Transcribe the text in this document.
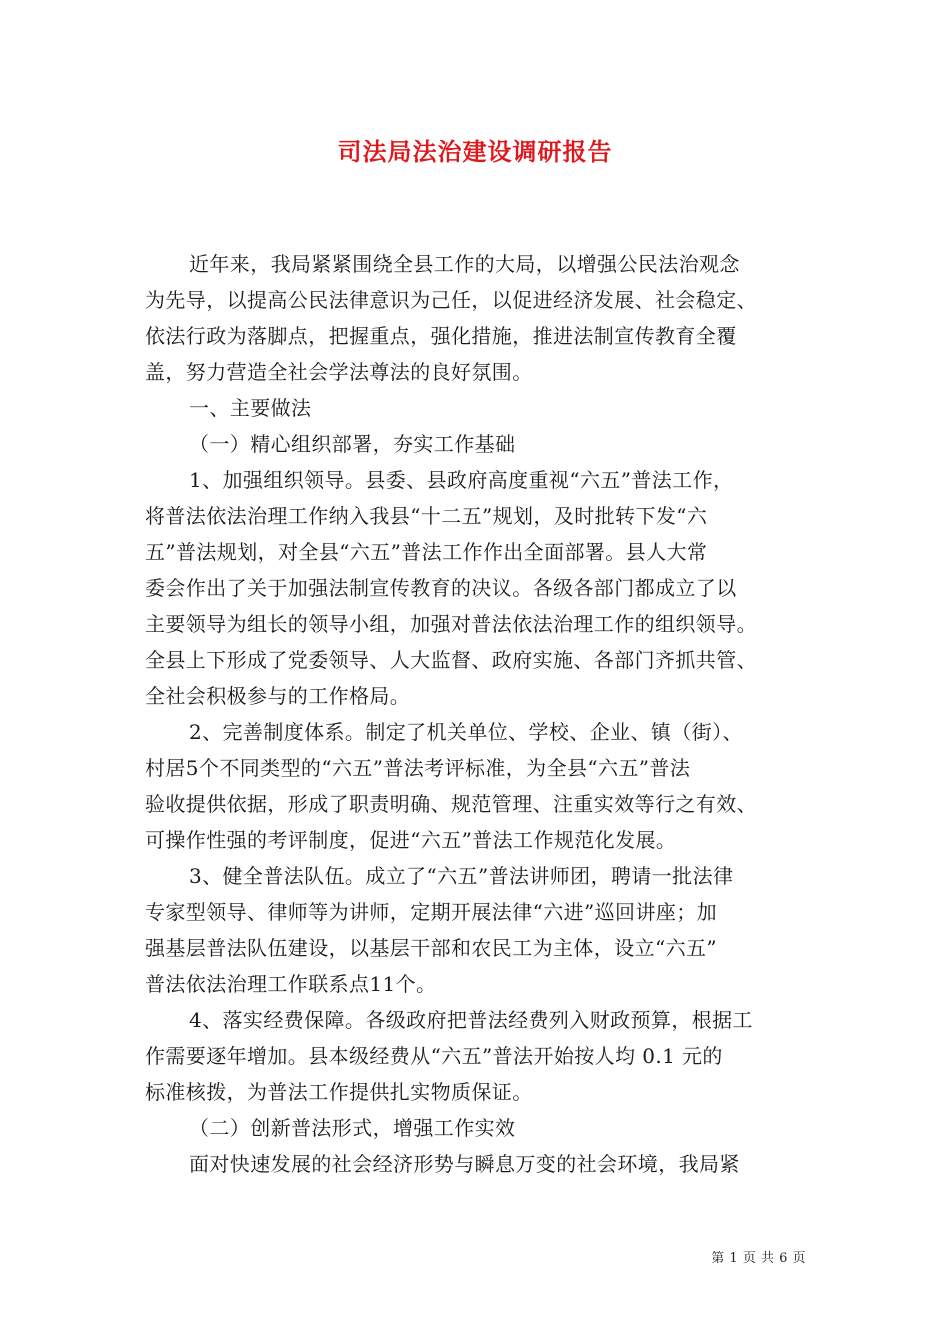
司法局法治建设调研报告
近年来，我局紧紧围绕全县工作的大局，以增强公民法治观念
为先导，以提高公民法律意识为己任，以促进经济发展、社会稳定、
依法行政为落脚点，把握重点，强化措施，推进法制宣传教育全覆
盖，努力营造全社会学法尊法的良好氛围。
一、主要做法
（一）精心组织部署，夯实工作基础
1、加强组织领导。县委、县政府高度重视“六五”普法工作，
将普法依法治理工作纳入我县“十二五”规划，及时批转下发“六
五”普法规划，对全县“六五”普法工作作出全面部署。县人大常
委会作出了关于加强法制宣传教育的决议。各级各部门都成立了以
主要领导为组长的领导小组，加强对普法依法治理工作的组织领导。
全县上下形成了党委领导、人大监督、政府实施、各部门齐抓共管、
全社会积极参与的工作格局。
2、完善制度体系。制定了机关单位、学校、企业、镇（街）、
村居5个不同类型的“六五”普法考评标准，为全县“六五”普法
验收提供依据，形成了职责明确、规范管理、注重实效等行之有效、
可操作性强的考评制度，促进“六五”普法工作规范化发展。
3、健全普法队伍。成立了“六五”普法讲师团，聘请一批法律
专家型领导、律师等为讲师，定期开展法律“六进”巡回讲座；加
强基层普法队伍建设，以基层干部和农民工为主体，设立“六五”
普法依法治理工作联系点11个。
4、落实经费保障。各级政府把普法经费列入财政预算，根据工
作需要逐年增加。县本级经费从“六五”普法开始按人均 0.1 元的
标准核拨，为普法工作提供扎实物质保证。
（二）创新普法形式，增强工作实效
面对快速发展的社会经济形势与瞬息万变的社会环境，我局紧
第 1 页 共 6 页
